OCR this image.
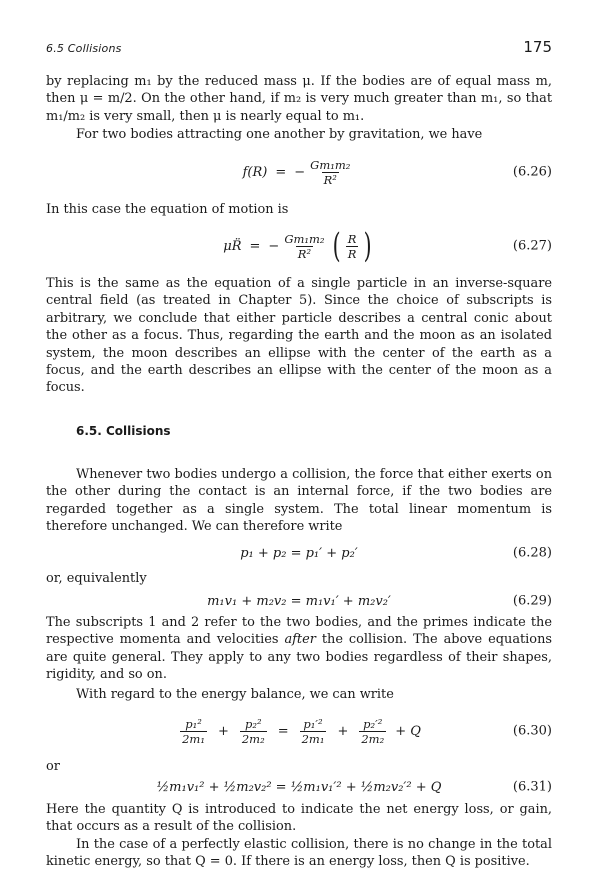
6.5 Collisions	175

by replacing m₁ by the reduced mass μ. If the bodies are of equal mass m, then μ = m/2. On the other hand, if m₂ is very much greater than m₁, so that m₁/m₂ is very small, then μ is nearly equal to m₁.

For two bodies attracting one another by gravitation, we have

f(R) = − $\frac{\text{Gm₁m₂}}{\text{R²}}$	(6.26)

In this case the equation of motion is

μR̈ = − $\frac{\text{Gm₁m₂}}{\text{R²}}$ ( $\frac{R}{R}$ )	(6.27)

This is the same as the equation of a single particle in an inverse-square central field (as treated in Chapter 5). Since the choice of subscripts is arbitrary, we conclude that either particle describes a central conic about the other as a focus. Thus, regarding the earth and the moon as an isolated system, the moon describes an ellipse with the center of the earth as a focus, and the earth describes an ellipse with the center of the moon as a focus.

6.5. Collisions

Whenever two bodies undergo a collision, the force that either exerts on the other during the contact is an internal force, if the two bodies are regarded together as a single system. The total linear momentum is therefore unchanged. We can therefore write

p₁ + p₂ = p₁′ + p₂′	(6.28)

or, equivalently

m₁v₁ + m₂v₂ = m₁v₁′ + m₂v₂′	(6.29)

The subscripts 1 and 2 refer to the two bodies, and the primes indicate the respective momenta and velocities after the collision. The above equations are quite general. They apply to any two bodies regardless of their shapes, rigidity, and so on.

With regard to the energy balance, we can write

$\frac{\text{p₁²}}{\text{2m₁}} + \frac{\text{p₂²}}{\text{2m₂}} = \frac{\text{p₁′²}}{\text{2m₁}} + \frac{\text{p₂′²}}{\text{2m₂}} + Q$	(6.30)

or

½m₁v₁² + ½m₂v₂² = ½m₁v₁′² + ½m₂v₂′² + Q	(6.31)

Here the quantity Q is introduced to indicate the net energy loss, or gain, that occurs as a result of the collision.

In the case of a perfectly elastic collision, there is no change in the total kinetic energy, so that Q = 0. If there is an energy loss, then Q is positive.
